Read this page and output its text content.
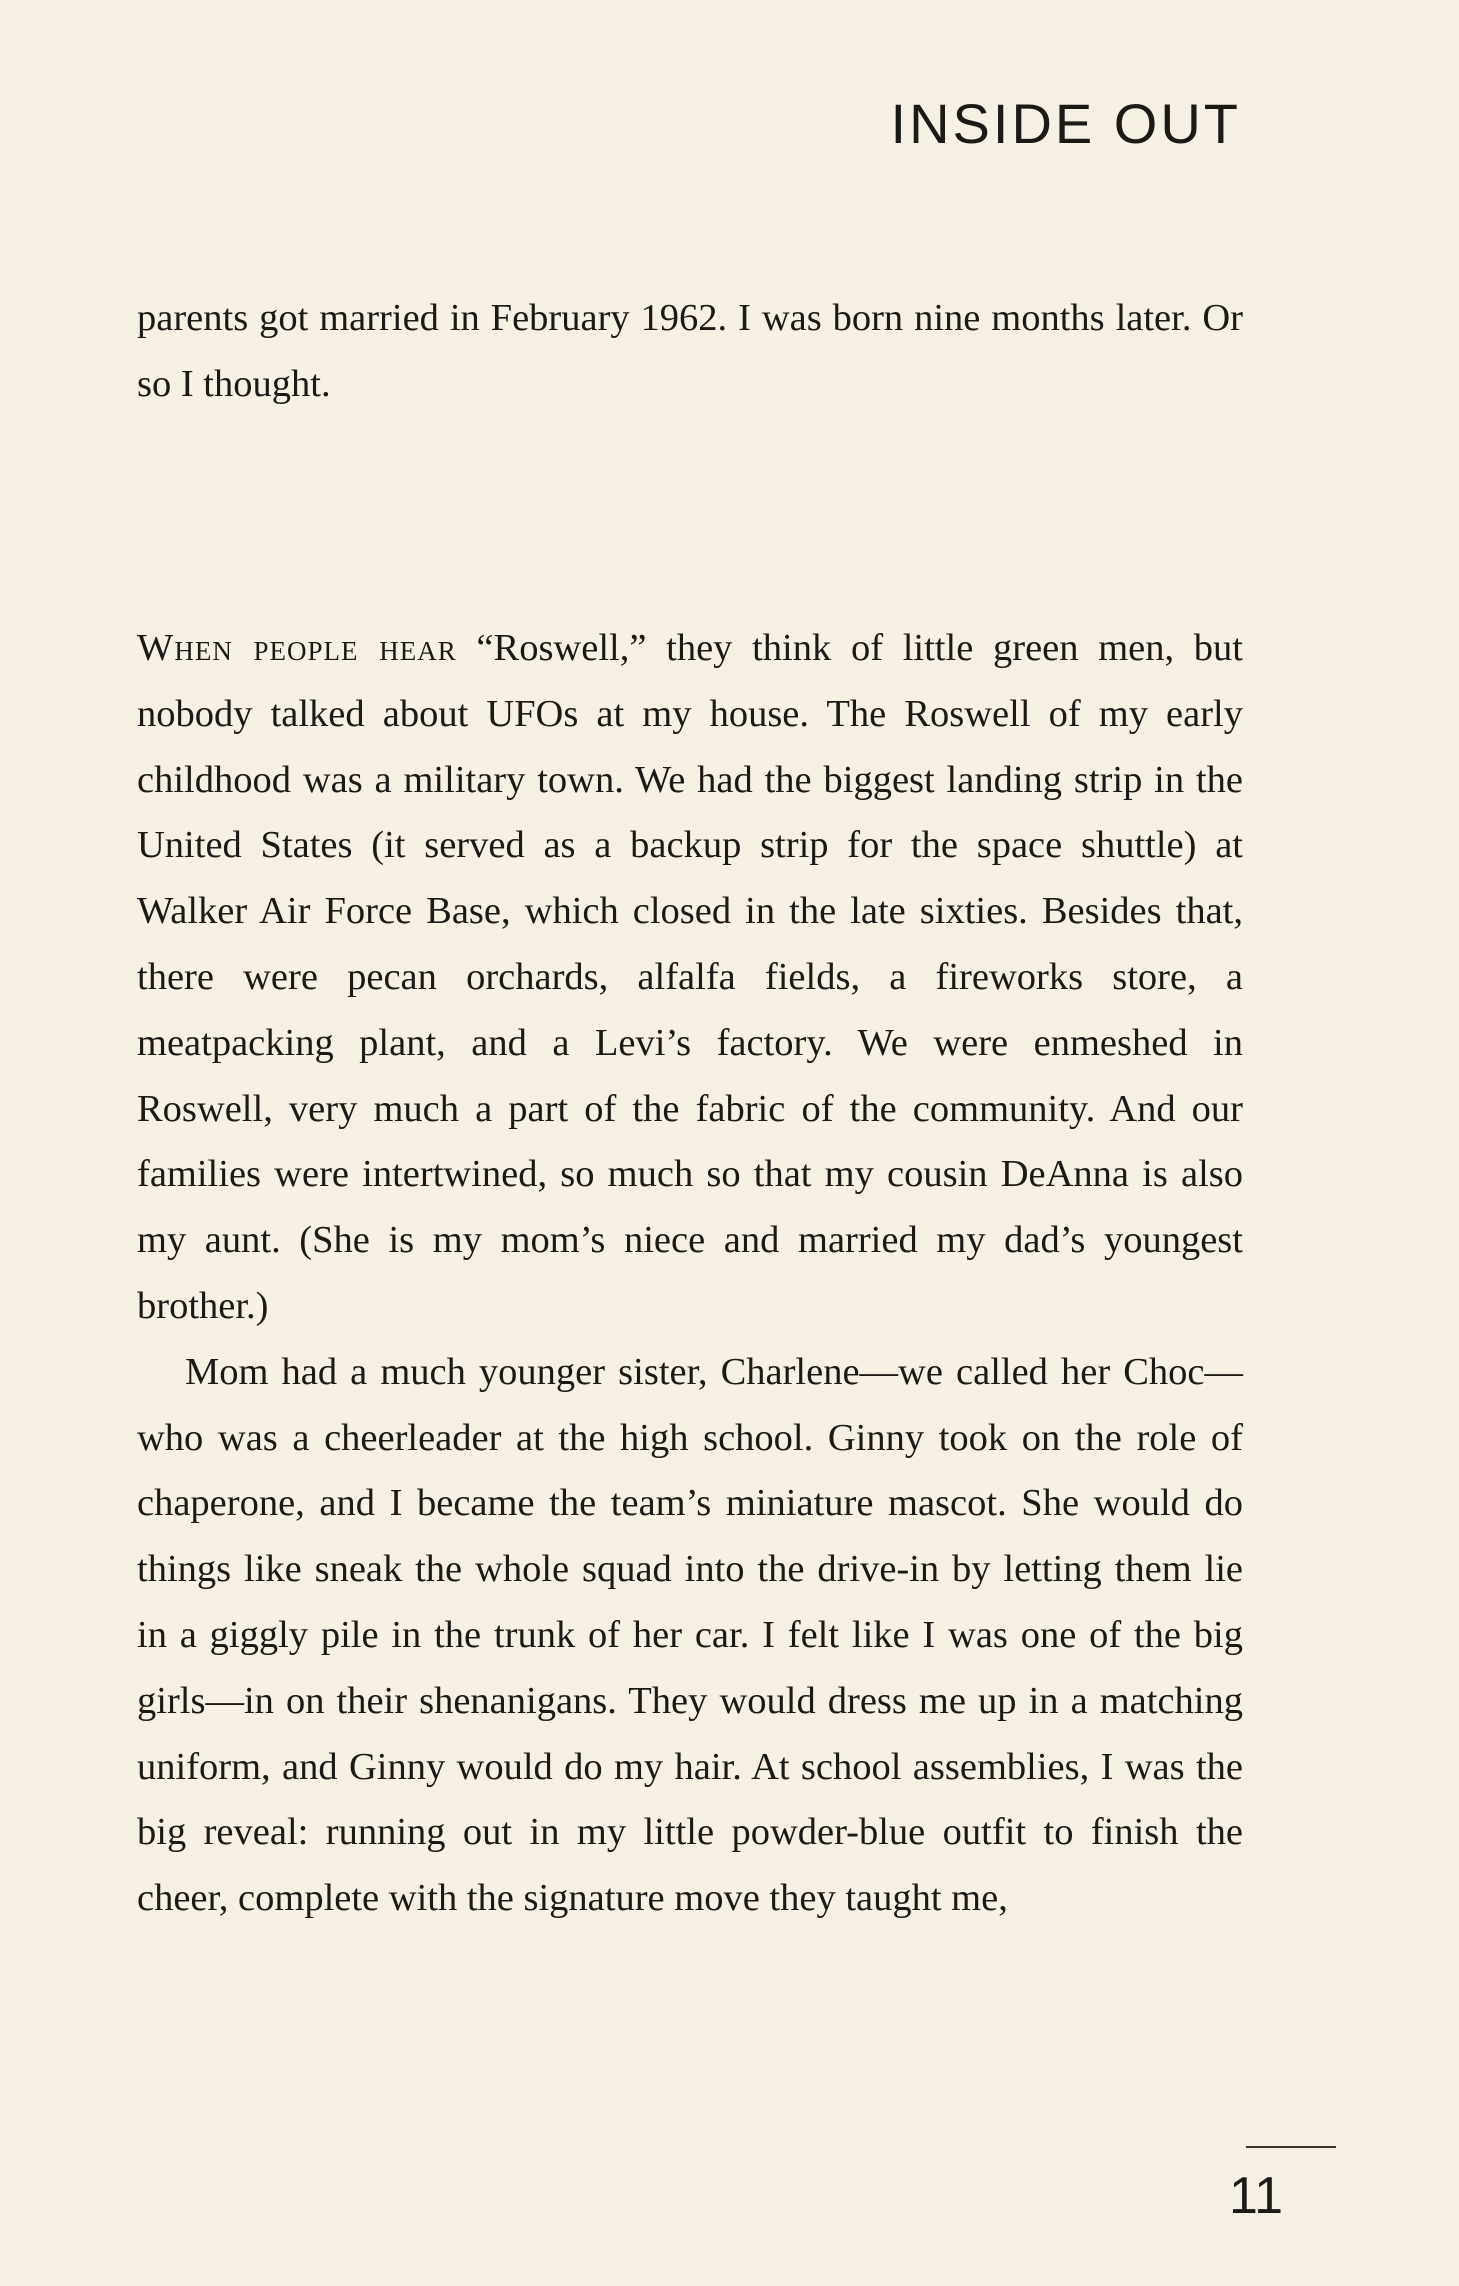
INSIDE OUT

parents got married in February 1962. I was born nine months later. Or so I thought.

When people hear “Roswell,” they think of little green men, but nobody talked about UFOs at my house. The Roswell of my early childhood was a military town. We had the biggest landing strip in the United States (it served as a backup strip for the space shuttle) at Walker Air Force Base, which closed in the late sixties. Besides that, there were pecan orchards, alfalfa fields, a fireworks store, a meatpacking plant, and a Levi’s factory. We were enmeshed in Roswell, very much a part of the fabric of the community. And our families were intertwined, so much so that my cousin DeAnna is also my aunt. (She is my mom’s niece and married my dad’s youngest brother.)

Mom had a much younger sister, Charlene—we called her Choc—who was a cheerleader at the high school. Ginny took on the role of chaperone, and I became the team’s miniature mascot. She would do things like sneak the whole squad into the drive-in by letting them lie in a giggly pile in the trunk of her car. I felt like I was one of the big girls—in on their shenanigans. They would dress me up in a matching uniform, and Ginny would do my hair. At school assemblies, I was the big reveal: running out in my little powder-blue outfit to finish the cheer, complete with the signature move they taught me,

11
